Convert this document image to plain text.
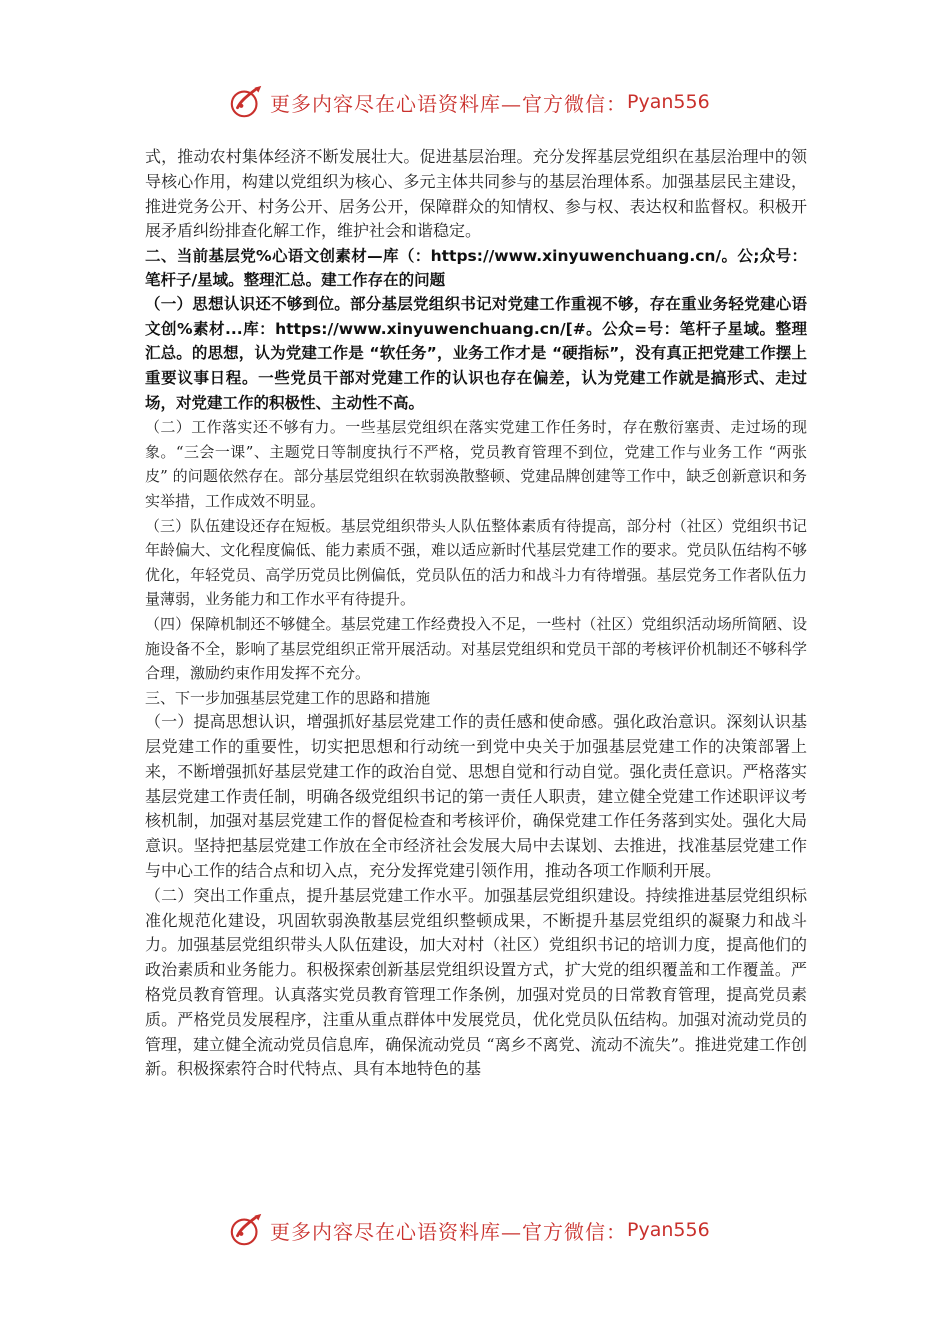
更多内容尽在心语资料库—官方微信： Pyan556

式，推动农村集体经济不断发展壮大。促进基层治理。充分发挥基层党组织在基层治理中的领导核心作用，构建以党组织为核心、多元主体共同参与的基层治理体系。加强基层民主建设，推进党务公开、村务公开、居务公开，保障群众的知情权、参与权、表达权和监督权。积极开展矛盾纠纷排查化解工作，维护社会和谐稳定。

二、当前基层党%心语文创素材—库（：https://www.xinyuwenchuang.cn/。公;众号：笔杆子/星域。整理汇总。建工作存在的问题

（一）思想认识还不够到位。部分基层党组织书记对党建工作重视不够，存在重业务轻党建心语文创%素材...库：https://www.xinyuwenchuang.cn/[#。公众=号：笔杆子星域。整理汇总。的思想，认为党建工作是 “软任务”，业务工作才是 “硬指标”，没有真正把党建工作摆上重要议事日程。一些党员干部对党建工作的认识也存在偏差，认为党建工作就是搞形式、走过场，对党建工作的积极性、主动性不高。

（二）工作落实还不够有力。一些基层党组织在落实党建工作任务时，存在敷衍塞责、走过场的现象。“三会一课”、主题党日等制度执行不严格，党员教育管理不到位，党建工作与业务工作 “两张皮” 的问题依然存在。部分基层党组织在软弱涣散整顿、党建品牌创建等工作中，缺乏创新意识和务实举措，工作成效不明显。

（三）队伍建设还存在短板。基层党组织带头人队伍整体素质有待提高，部分村（社区）党组织书记年龄偏大、文化程度偏低、能力素质不强，难以适应新时代基层党建工作的要求。党员队伍结构不够优化，年轻党员、高学历党员比例偏低，党员队伍的活力和战斗力有待增强。基层党务工作者队伍力量薄弱，业务能力和工作水平有待提升。

（四）保障机制还不够健全。基层党建工作经费投入不足，一些村（社区）党组织活动场所简陋、设施设备不全，影响了基层党组织正常开展活动。对基层党组织和党员干部的考核评价机制还不够科学合理，激励约束作用发挥不充分。

三、下一步加强基层党建工作的思路和措施

（一）提高思想认识，增强抓好基层党建工作的责任感和使命感。强化政治意识。深刻认识基层党建工作的重要性，切实把思想和行动统一到党中央关于加强基层党建工作的决策部署上来，不断增强抓好基层党建工作的政治自觉、思想自觉和行动自觉。强化责任意识。严格落实基层党建工作责任制，明确各级党组织书记的第一责任人职责，建立健全党建工作述职评议考核机制，加强对基层党建工作的督促检查和考核评价，确保党建工作任务落到实处。强化大局意识。坚持把基层党建工作放在全市经济社会发展大局中去谋划、去推进，找准基层党建工作与中心工作的结合点和切入点，充分发挥党建引领作用，推动各项工作顺利开展。

（二）突出工作重点，提升基层党建工作水平。加强基层党组织建设。持续推进基层党组织标准化规范化建设，巩固软弱涣散基层党组织整顿成果，不断提升基层党组织的凝聚力和战斗力。加强基层党组织带头人队伍建设，加大对村（社区）党组织书记的培训力度，提高他们的政治素质和业务能力。积极探索创新基层党组织设置方式，扩大党的组织覆盖和工作覆盖。严格党员教育管理。认真落实党员教育管理工作条例，加强对党员的日常教育管理，提高党员素质。严格党员发展程序，注重从重点群体中发展党员，优化党员队伍结构。加强对流动党员的管理，建立健全流动党员信息库，确保流动党员 “离乡不离党、流动不流失”。推进党建工作创新。积极探索符合时代特点、具有本地特色的基

更多内容尽在心语资料库—官方微信： Pyan556
